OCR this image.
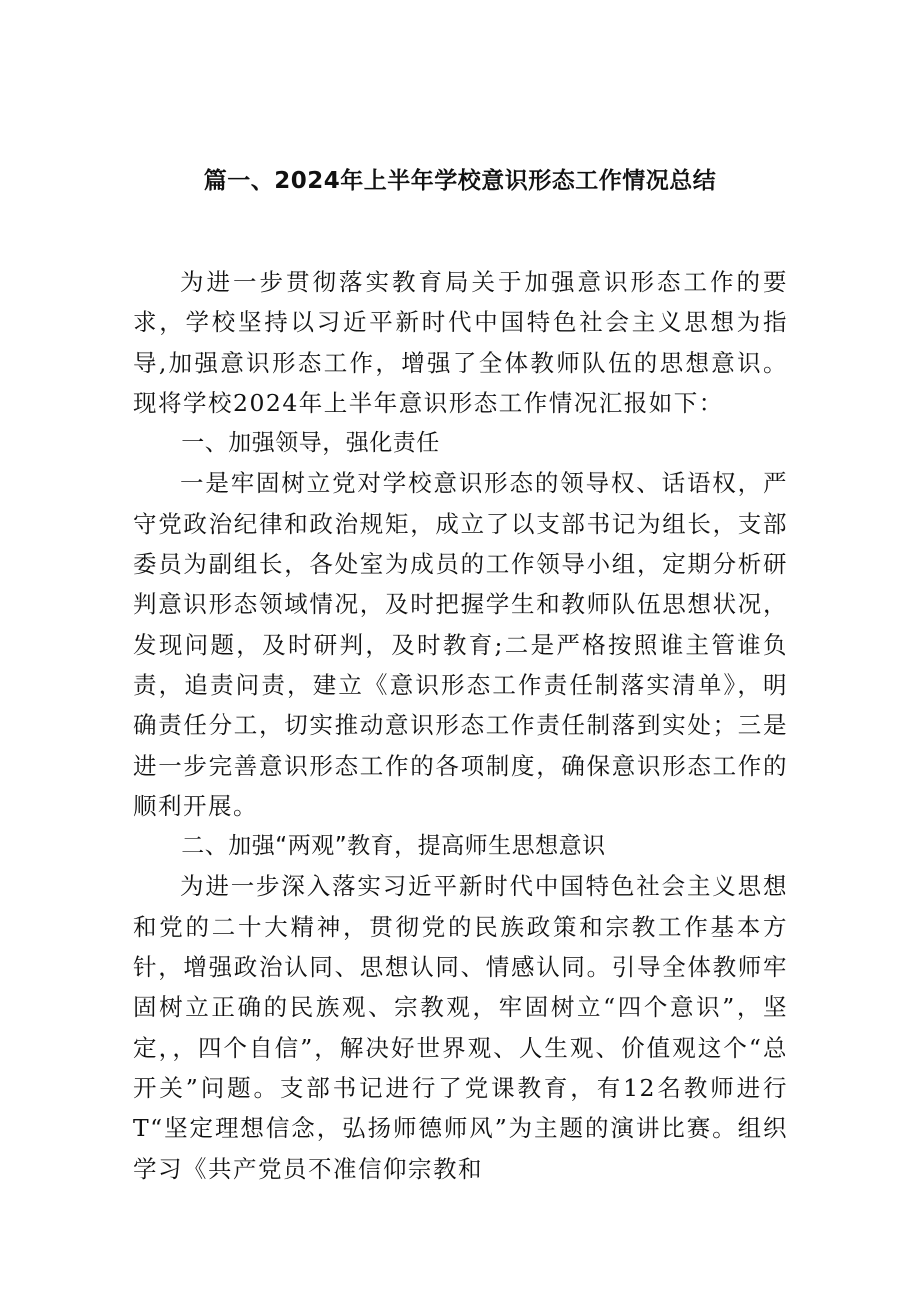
篇一、2024年上半年学校意识形态工作情况总结

为进一步贯彻落实教育局关于加强意识形态工作的要求，学校坚持以习近平新时代中国特色社会主义思想为指导,加强意识形态工作，增强了全体教师队伍的思想意识。现将学校2024年上半年意识形态工作情况汇报如下：

一、加强领导，强化责任

一是牢固树立党对学校意识形态的领导权、话语权，严守党政治纪律和政治规矩，成立了以支部书记为组长，支部委员为副组长，各处室为成员的工作领导小组，定期分析研判意识形态领域情况，及时把握学生和教师队伍思想状况，发现问题，及时研判，及时教育;二是严格按照谁主管谁负责，追责问责，建立《意识形态工作责任制落实清单》，明确责任分工，切实推动意识形态工作责任制落到实处；三是进一步完善意识形态工作的各项制度，确保意识形态工作的顺利开展。

二、加强“两观”教育，提高师生思想意识

为进一步深入落实习近平新时代中国特色社会主义思想和党的二十大精神，贯彻党的民族政策和宗教工作基本方针，增强政治认同、思想认同、情感认同。引导全体教师牢固树立正确的民族观、宗教观，牢固树立“四个意识”，坚定，，四个自信”，解决好世界观、人生观、价值观这个“总开关”问题。支部书记进行了党课教育，有12名教师进行T“坚定理想信念，弘扬师德师风”为主题的演讲比赛。组织学习《共产党员不准信仰宗教和
